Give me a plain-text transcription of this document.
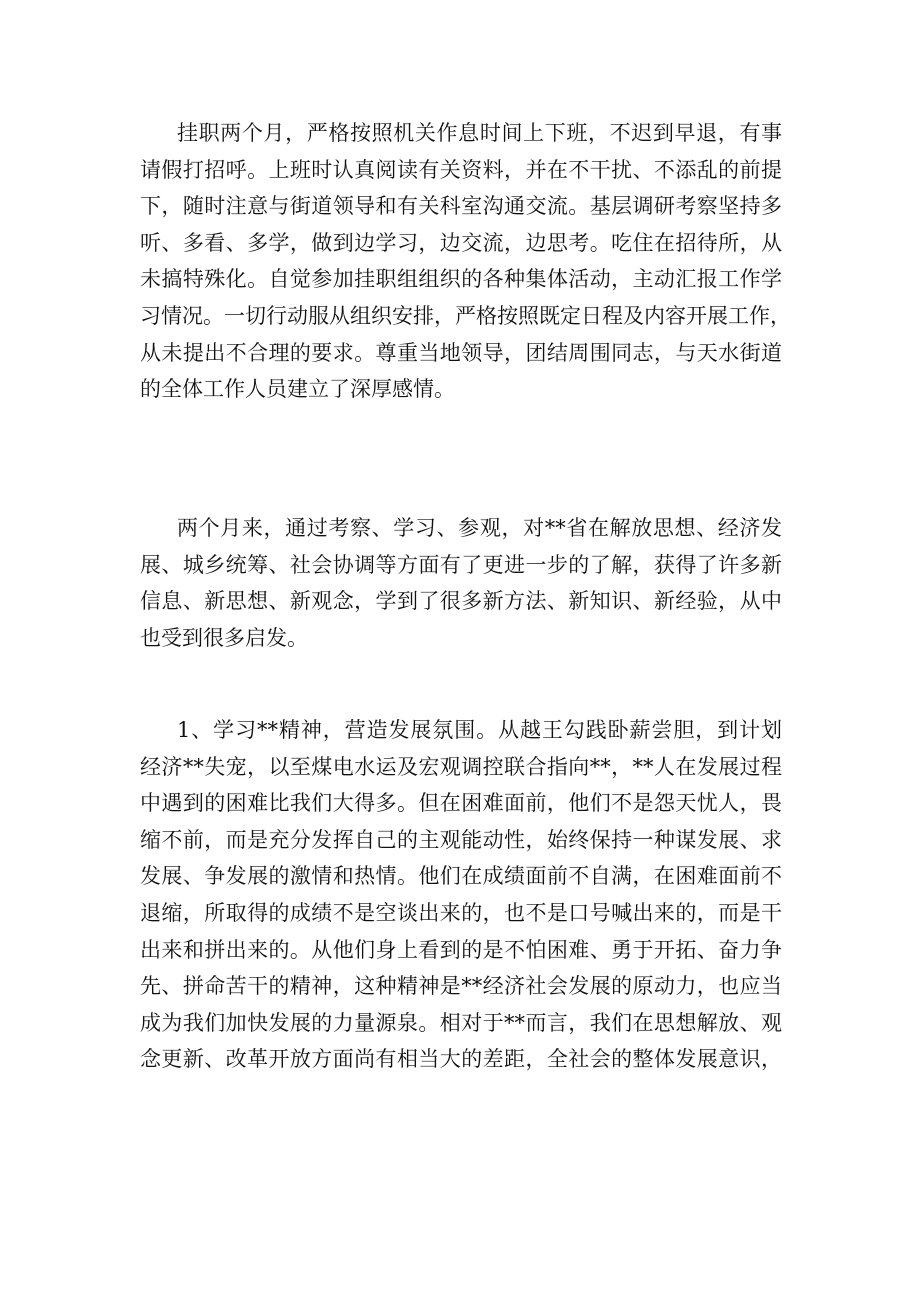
挂职两个月，严格按照机关作息时间上下班，不迟到早退，有事
请假打招呼。上班时认真阅读有关资料，并在不干扰、不添乱的前提
下，随时注意与街道领导和有关科室沟通交流。基层调研考察坚持多
听、多看、多学，做到边学习，边交流，边思考。吃住在招待所，从
未搞特殊化。自觉参加挂职组组织的各种集体活动，主动汇报工作学
习情况。一切行动服从组织安排，严格按照既定日程及内容开展工作，
从未提出不合理的要求。尊重当地领导，团结周围同志，与天水街道
的全体工作人员建立了深厚感情。
两个月来，通过考察、学习、参观，对**省在解放思想、经济发
展、城乡统筹、社会协调等方面有了更进一步的了解，获得了许多新
信息、新思想、新观念，学到了很多新方法、新知识、新经验，从中
也受到很多启发。
1、学习**精神，营造发展氛围。从越王勾践卧薪尝胆，到计划
经济**失宠，以至煤电水运及宏观调控联合指向**，**人在发展过程
中遇到的困难比我们大得多。但在困难面前，他们不是怨天忧人，畏
缩不前，而是充分发挥自己的主观能动性，始终保持一种谋发展、求
发展、争发展的激情和热情。他们在成绩面前不自满，在困难面前不
退缩，所取得的成绩不是空谈出来的，也不是口号喊出来的，而是干
出来和拼出来的。从他们身上看到的是不怕困难、勇于开拓、奋力争
先、拼命苦干的精神，这种精神是**经济社会发展的原动力，也应当
成为我们加快发展的力量源泉。相对于**而言，我们在思想解放、观
念更新、改革开放方面尚有相当大的差距，全社会的整体发展意识，
